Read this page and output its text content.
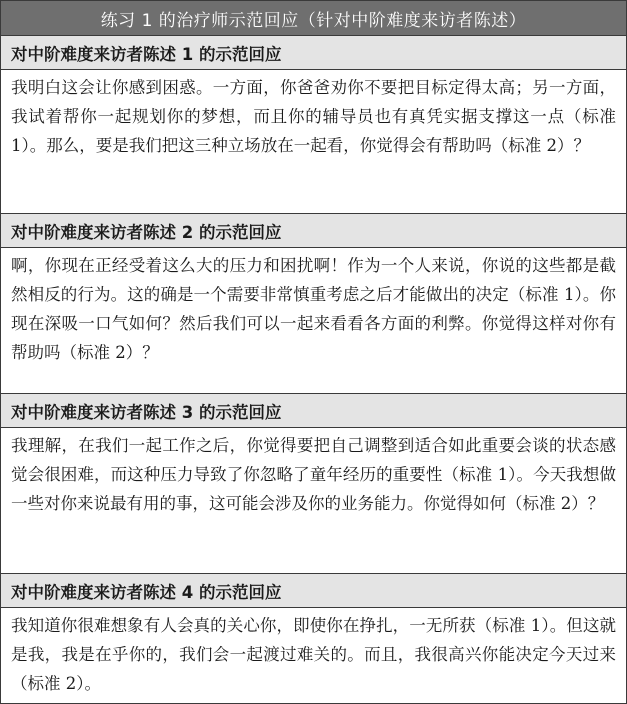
练习 1 的治疗师示范回应（针对中阶难度来访者陈述）
对中阶难度来访者陈述 1 的示范回应
我明白这会让你感到困惑。一方面，你爸爸劝你不要把目标定得太高；另一方面，我试着帮你一起规划你的梦想，而且你的辅导员也有真凭实据支撑这一点（标准 1）。那么，要是我们把这三种立场放在一起看，你觉得会有帮助吗（标准 2）？
对中阶难度来访者陈述 2 的示范回应
啊，你现在正经受着这么大的压力和困扰啊！作为一个人来说，你说的这些都是截然相反的行为。这的确是一个需要非常慎重考虑之后才能做出的决定（标准 1）。你现在深吸一口气如何？然后我们可以一起来看看各方面的利弊。你觉得这样对你有帮助吗（标准 2）？
对中阶难度来访者陈述 3 的示范回应
我理解，在我们一起工作之后，你觉得要把自己调整到适合如此重要会谈的状态感觉会很困难，而这种压力导致了你忽略了童年经历的重要性（标准 1）。今天我想做一些对你来说最有用的事，这可能会涉及你的业务能力。你觉得如何（标准 2）？
对中阶难度来访者陈述 4 的示范回应
我知道你很难想象有人会真的关心你，即使你在挣扎，一无所获（标准 1）。但这就是我，我是在乎你的，我们会一起渡过难关的。而且，我很高兴你能决定今天过来（标准 2）。
